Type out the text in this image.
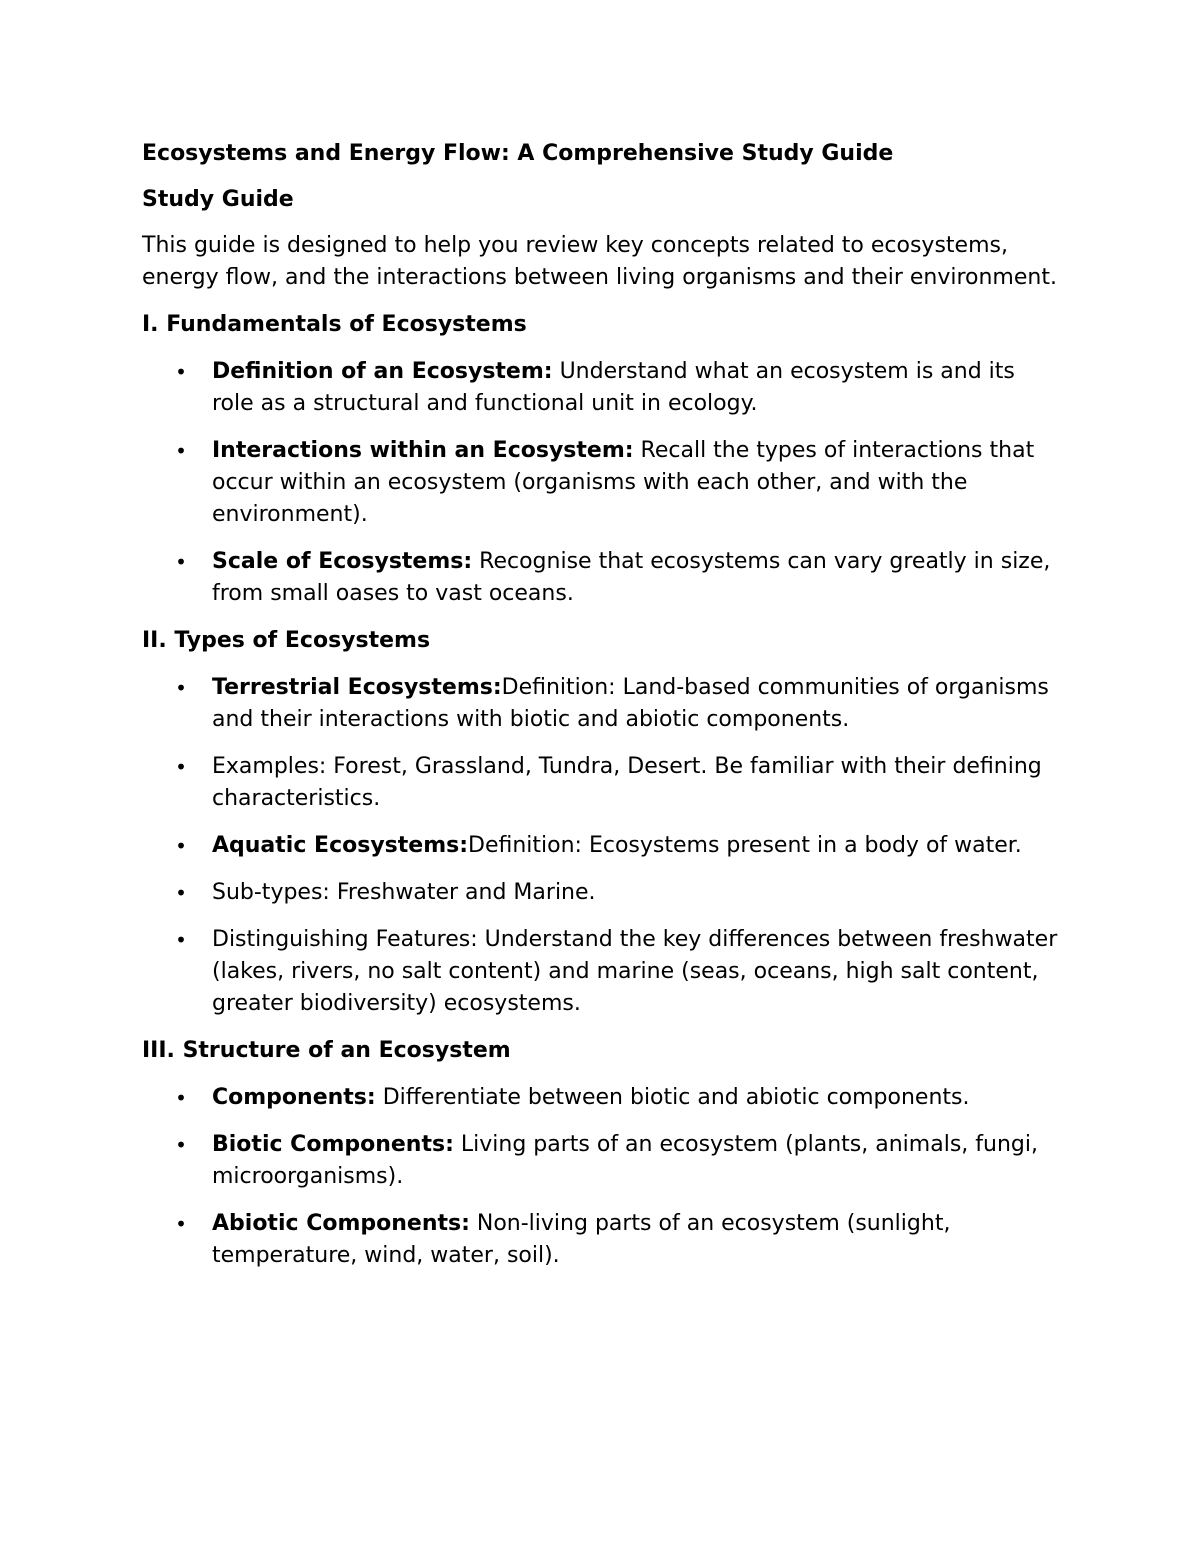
Ecosystems and Energy Flow: A Comprehensive Study Guide
Study Guide
This guide is designed to help you review key concepts related to ecosystems, energy flow, and the interactions between living organisms and their environment.
I. Fundamentals of Ecosystems
• Definition of an Ecosystem: Understand what an ecosystem is and its role as a structural and functional unit in ecology.
• Interactions within an Ecosystem: Recall the types of interactions that occur within an ecosystem (organisms with each other, and with the environment).
• Scale of Ecosystems: Recognise that ecosystems can vary greatly in size, from small oases to vast oceans.
II. Types of Ecosystems
• Terrestrial Ecosystems:Definition: Land-based communities of organisms and their interactions with biotic and abiotic components.
• Examples: Forest, Grassland, Tundra, Desert. Be familiar with their defining characteristics.
• Aquatic Ecosystems:Definition: Ecosystems present in a body of water.
• Sub-types: Freshwater and Marine.
• Distinguishing Features: Understand the key differences between freshwater (lakes, rivers, no salt content) and marine (seas, oceans, high salt content, greater biodiversity) ecosystems.
III. Structure of an Ecosystem
• Components: Differentiate between biotic and abiotic components.
• Biotic Components: Living parts of an ecosystem (plants, animals, fungi, microorganisms).
• Abiotic Components: Non-living parts of an ecosystem (sunlight, temperature, wind, water, soil).
